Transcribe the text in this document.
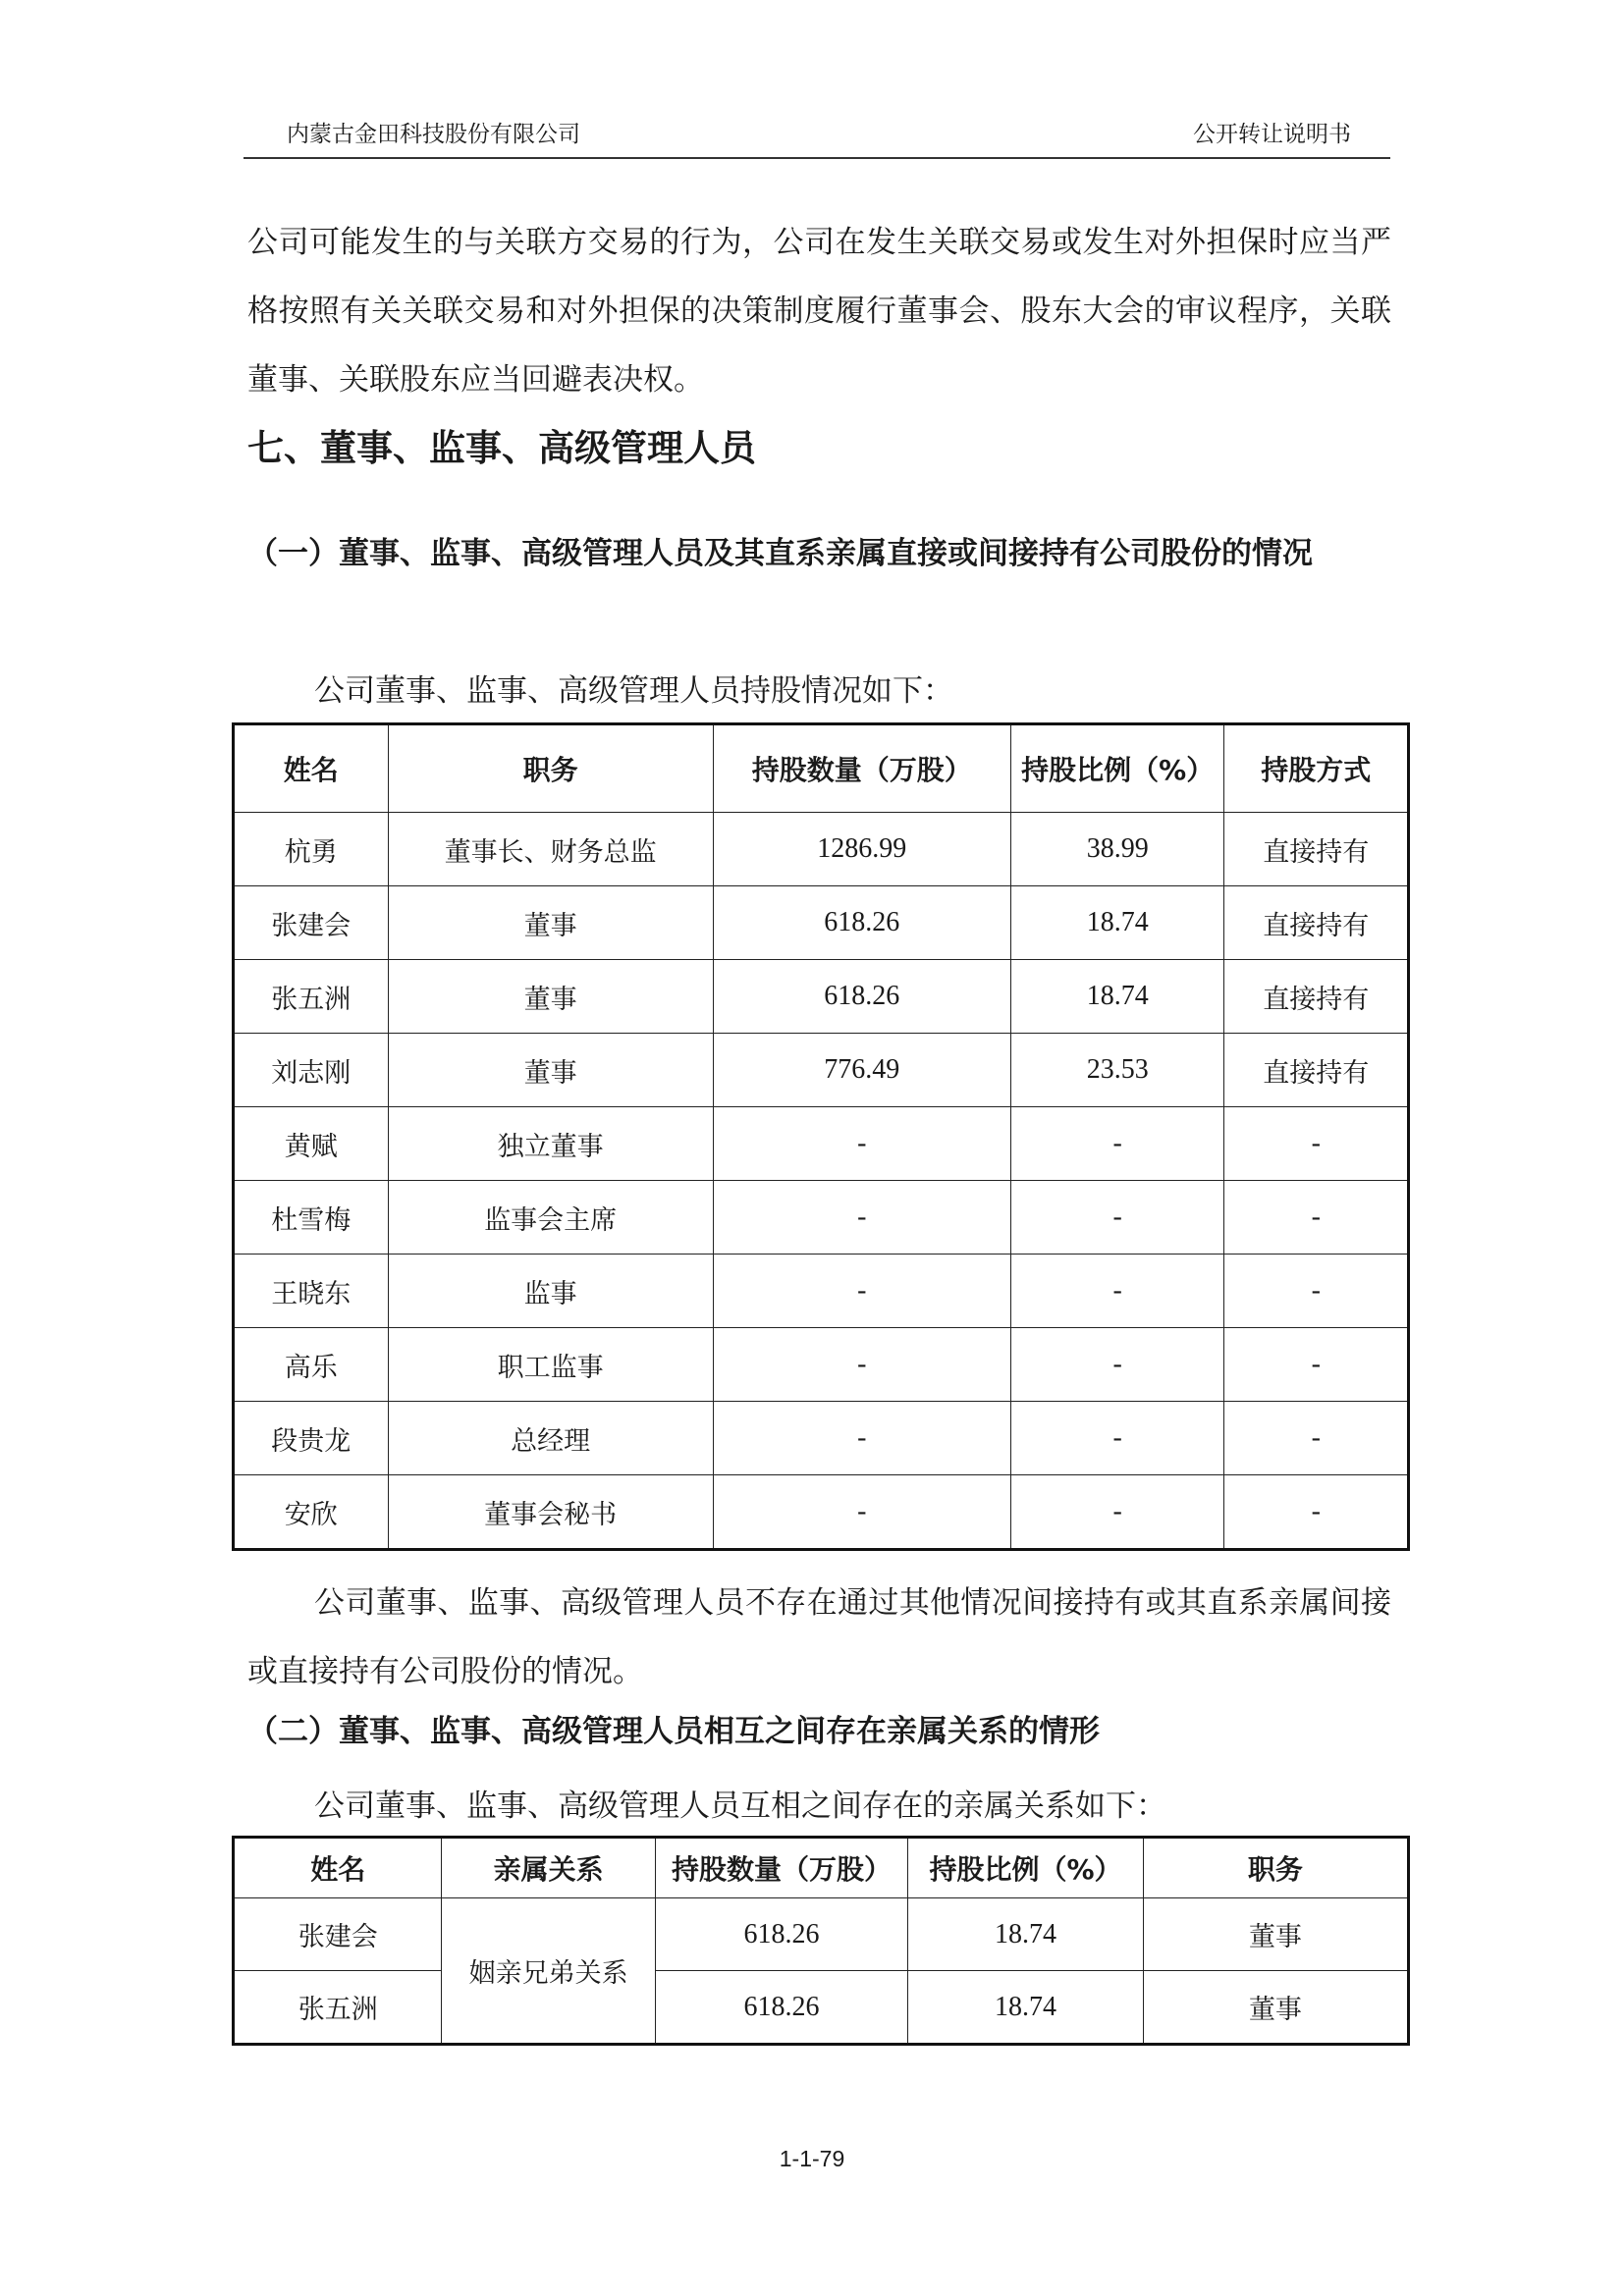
内蒙古金田科技股份有限公司	公开转让说明书

公司可能发生的与关联方交易的行为，公司在发生关联交易或发生对外担保时应当严格按照有关关联交易和对外担保的决策制度履行董事会、股东大会的审议程序，关联董事、关联股东应当回避表决权。

七、董事、监事、高级管理人员
（一）董事、监事、高级管理人员及其直系亲属直接或间接持有公司股份的情况

公司董事、监事、高级管理人员持股情况如下：

姓名	职务	持股数量（万股）	持股比例（%）	持股方式
杭勇	董事长、财务总监	1286.99	38.99	直接持有
张建会	董事	618.26	18.74	直接持有
张五洲	董事	618.26	18.74	直接持有
刘志刚	董事	776.49	23.53	直接持有
黄赋	独立董事	-	-	-
杜雪梅	监事会主席	-	-	-
王晓东	监事	-	-	-
高乐	职工监事	-	-	-
段贵龙	总经理	-	-	-
安欣	董事会秘书	-	-	-

公司董事、监事、高级管理人员不存在通过其他情况间接持有或其直系亲属间接或直接持有公司股份的情况。

（二）董事、监事、高级管理人员相互之间存在亲属关系的情形

公司董事、监事、高级管理人员互相之间存在的亲属关系如下：

姓名	亲属关系	持股数量（万股）	持股比例（%）	职务
张建会	姻亲兄弟关系	618.26	18.74	董事
张五洲		618.26	18.74	董事
1-1-79
